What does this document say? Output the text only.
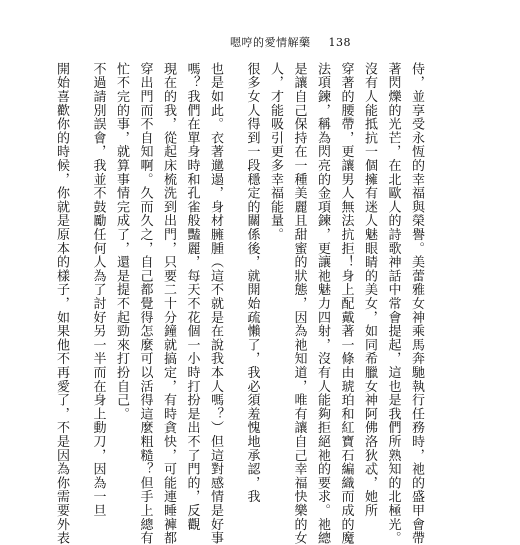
嗯哼的愛情解藥 138
侍，並享受永恆的幸福與榮譽。美蕾雅女神乘馬奔馳執行任務時，祂的盛甲會帶
著閃爍的光芒，在北歐人的詩歌神話中常會提起，這也是我們所熟知的北極光。
沒有人能抵抗一個擁有迷人魅眼睛的美女，如同希臘女神阿佛洛狄忒，她所
穿著的腰帶，更讓男人無法抗拒！身上配戴著一條由琥珀和紅寶石編織而成的魔
法項鍊，稱為閃亮的金項鍊，更讓祂魅力四射，沒有人能夠拒絕祂的要求。祂總
是讓自己保持在一種美麗且甜蜜的狀態，因為祂知道，唯有讓自己幸福快樂的女
人，才能吸引更多幸福能量。
很多女人得到一段穩定的關係後，就開始疏懶了，我必須羞愧地承認，我
也是如此。衣著邋遢，身材臃腫（這不就是在說我本人嗎？）但這對感情是好事
嗎？我們在單身時和孔雀般豔麗，每天不花個一小時打扮是出不了門的，反觀
現在的我，從起床梳洗到出門，只要二十分鐘就搞定，有時貪快，可能連睡褲都
穿出門而不自知啊。久而久之，自己都覺得怎麼可以活得這麼粗糙？但手上總有
忙不完的事，就算事情完成了，還是提不起勁來打扮自己。
不過請別誤會，我並不鼓勵任何人為了討好另一半而在身上動刀，因為一旦
開始喜歡你的時候，你就是原本的樣子，如果他不再愛了，不是因為你需要外表
